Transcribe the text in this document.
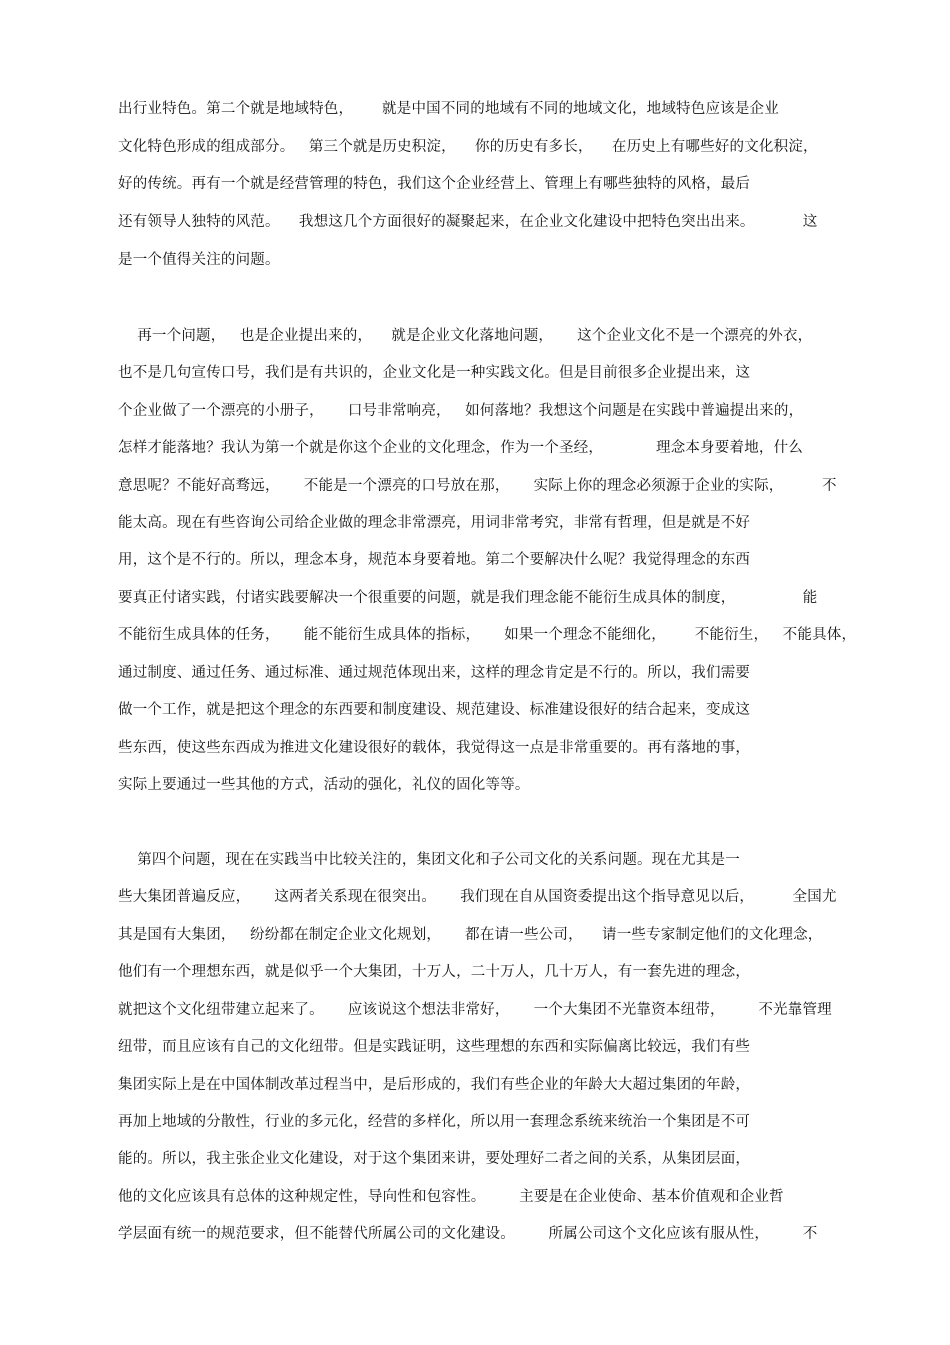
出行业特色。第二个就是地域特色，      就是中国不同的地域有不同的地域文化，地域特色应该是企业
文化特色形成的组成部分。   第三个就是历史积淀，    你的历史有多长，    在历史上有哪些好的文化积淀，
好的传统。再有一个就是经营管理的特色，我们这个企业经营上、管理上有哪些独特的风格，最后
还有领导人独特的风范。    我想这几个方面很好的凝聚起来，在企业文化建设中把特色突出出来。          这
是一个值得关注的问题。
再一个问题，   也是企业提出来的，    就是企业文化落地问题，     这个企业文化不是一个漂亮的外衣，
也不是几句宣传口号，我们是有共识的，企业文化是一种实践文化。但是目前很多企业提出来，这
个企业做了一个漂亮的小册子，     口号非常响亮，   如何落地？我想这个问题是在实践中普遍提出来的，
怎样才能落地？我认为第一个就是你这个企业的文化理念，作为一个圣经，           理念本身要着地，什么
意思呢？不能好高骛远，     不能是一个漂亮的口号放在那，     实际上你的理念必须源于企业的实际，        不
能太高。现在有些咨询公司给企业做的理念非常漂亮，用词非常考究，非常有哲理，但是就是不好
用，这个是不行的。所以，理念本身，规范本身要着地。第二个要解决什么呢？我觉得理念的东西
要真正付诸实践，付诸实践要解决一个很重要的问题，就是我们理念能不能衍生成具体的制度，              能
不能衍生成具体的任务，     能不能衍生成具体的指标，     如果一个理念不能细化，      不能衍生，   不能具体，
通过制度、通过任务、通过标准、通过规范体现出来，这样的理念肯定是不行的。所以，我们需要
做一个工作，就是把这个理念的东西要和制度建设、规范建设、标准建设很好的结合起来，变成这
些东西，使这些东西成为推进文化建设很好的载体，我觉得这一点是非常重要的。再有落地的事，
实际上要通过一些其他的方式，活动的强化，礼仪的固化等等。
第四个问题，现在在实践当中比较关注的，集团文化和子公司文化的关系问题。现在尤其是一
些大集团普遍反应，     这两者关系现在很突出。     我们现在自从国资委提出这个指导意见以后，        全国尤
其是国有大集团，   纷纷都在制定企业文化规划，     都在请一些公司，    请一些专家制定他们的文化理念，
他们有一个理想东西，就是似乎一个大集团，十万人，二十万人，几十万人，有一套先进的理念，
就把这个文化纽带建立起来了。     应该说这个想法非常好，     一个大集团不光靠资本纽带，       不光靠管理
纽带，而且应该有自己的文化纽带。但是实践证明，这些理想的东西和实际偏离比较远，我们有些
集团实际上是在中国体制改革过程当中，是后形成的，我们有些企业的年龄大大超过集团的年龄，
再加上地域的分散性，行业的多元化，经营的多样化，所以用一套理念系统来统治一个集团是不可
能的。所以，我主张企业文化建设，对于这个集团来讲，要处理好二者之间的关系，从集团层面，
他的文化应该具有总体的这种规定性，导向性和包容性。       主要是在企业使命、基本价值观和企业哲
学层面有统一的规范要求，但不能替代所属公司的文化建设。       所属公司这个文化应该有服从性，       不
